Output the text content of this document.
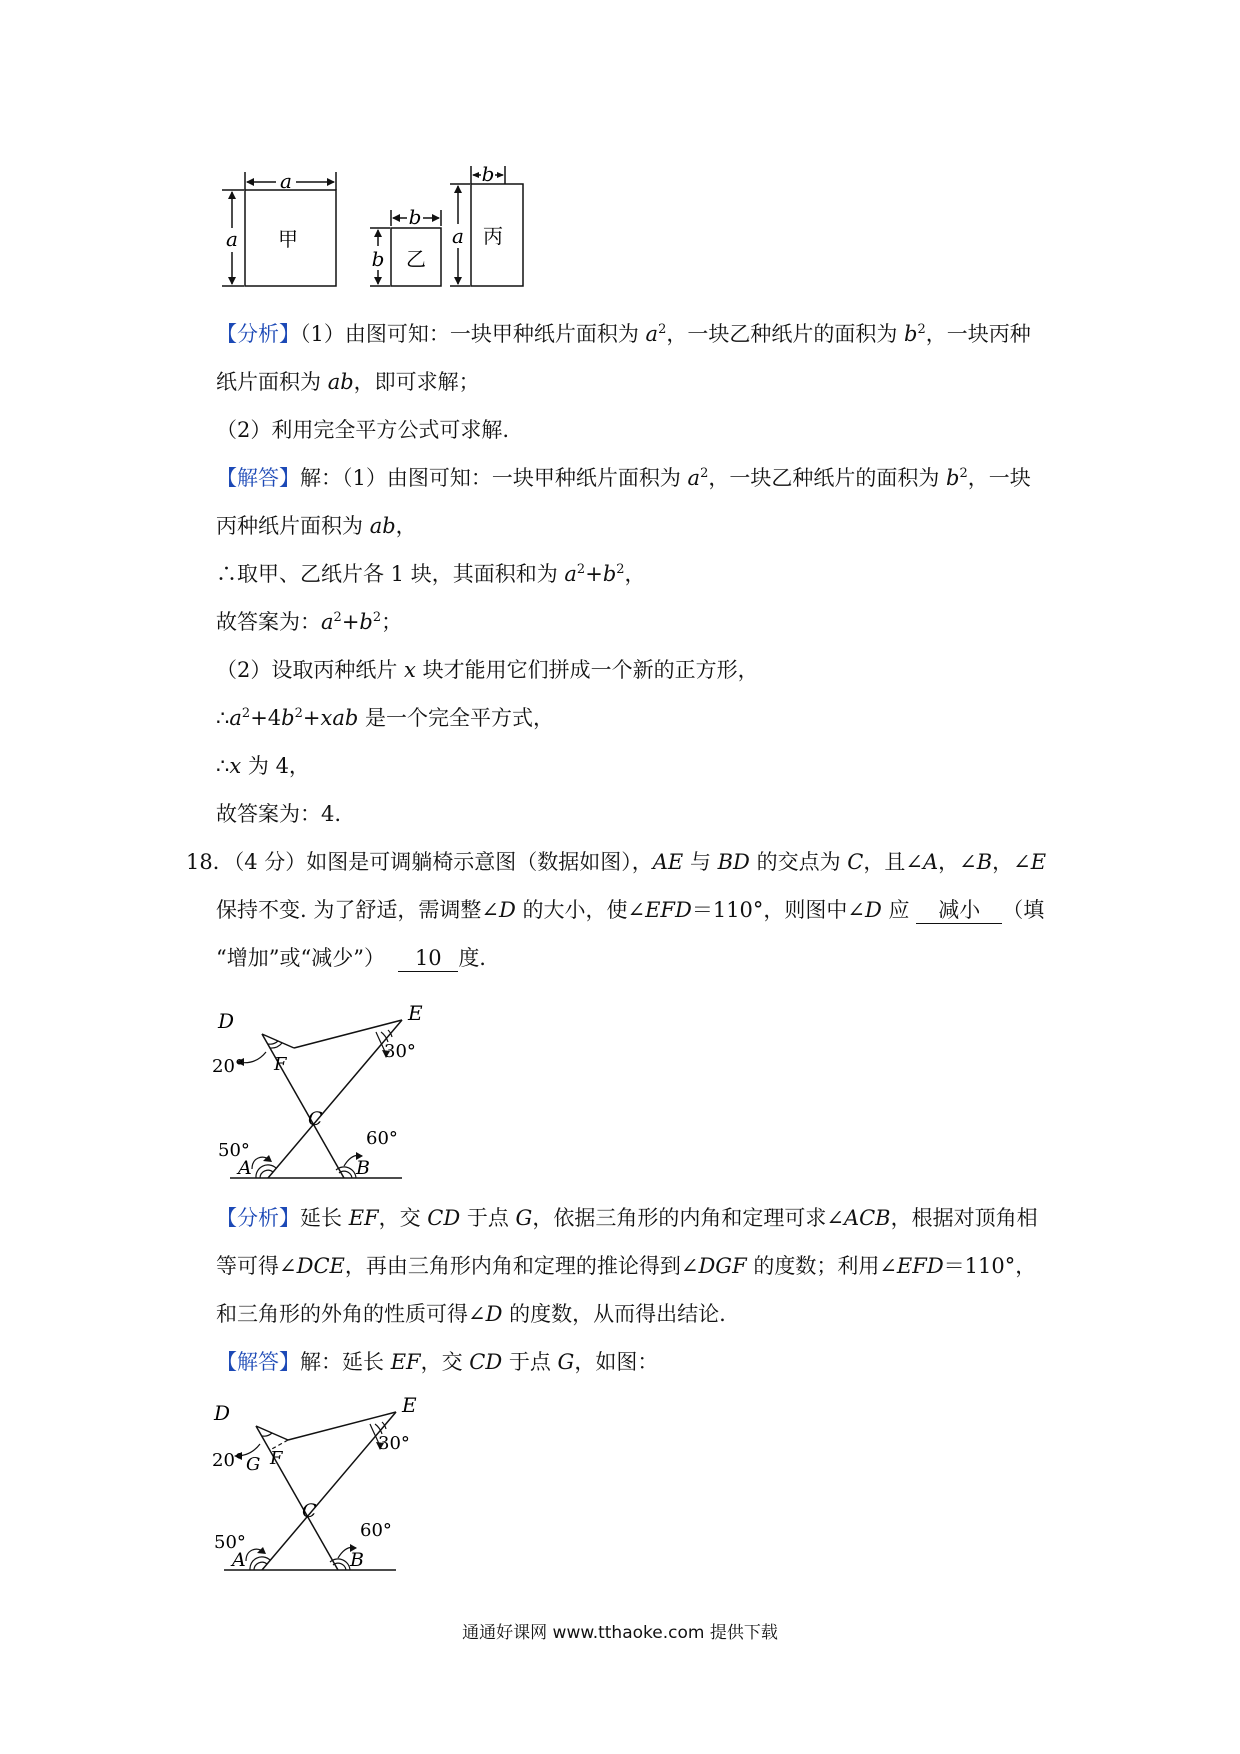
a
a 甲
b
b 乙
b
a 丙
【分析】（1）由图可知：一块甲种纸片面积为 $a^2$，一块乙种纸片的面积为 $b^2$，一块丙种
纸片面积为 ab，即可求解；
（2）利用完全平方公式可求解.
【解答】解：（1）由图可知：一块甲种纸片面积为 $a^2$，一块乙种纸片的面积为 $b^2$，一块
丙种纸片面积为 ab，
∴取甲、乙纸片各 1 块，其面积和为 $a^2+b^2$，
故答案为：$a^2+b^2$；
（2）设取丙种纸片 x 块才能用它们拼成一个新的正方形，
$\therefore a^2+4b^2+xab$ 是一个完全平方式，
∴x 为 4，
故答案为：4.
18．（4 分）如图是可调躺椅示意图（数据如图），AE 与 BD 的交点为 C，且∠A，∠B，∠E
保持不变. 为了舒适，需调整∠D 的大小，使∠EFD＝110°，则图中∠D 应 减小 （填
“增加”或“减少”） 10 度.
D	E
F
C
A	B
20°
30°
50°
60°
【分析】延长 EF，交 CD 于点 G，依据三角形的内角和定理可求∠ACB，根据对顶角相
等可得∠DCE，再由三角形内角和定理的推论得到∠DGF 的度数；利用∠EFD＝110°，
和三角形的外角的性质可得∠D 的度数，从而得出结论.
【解答】解：延长 EF，交 CD 于点 G，如图：
D	E
F
G
C
A	B
20°
30°
50°
60°
通通好课网 www.tthaoke.com 提供下载
